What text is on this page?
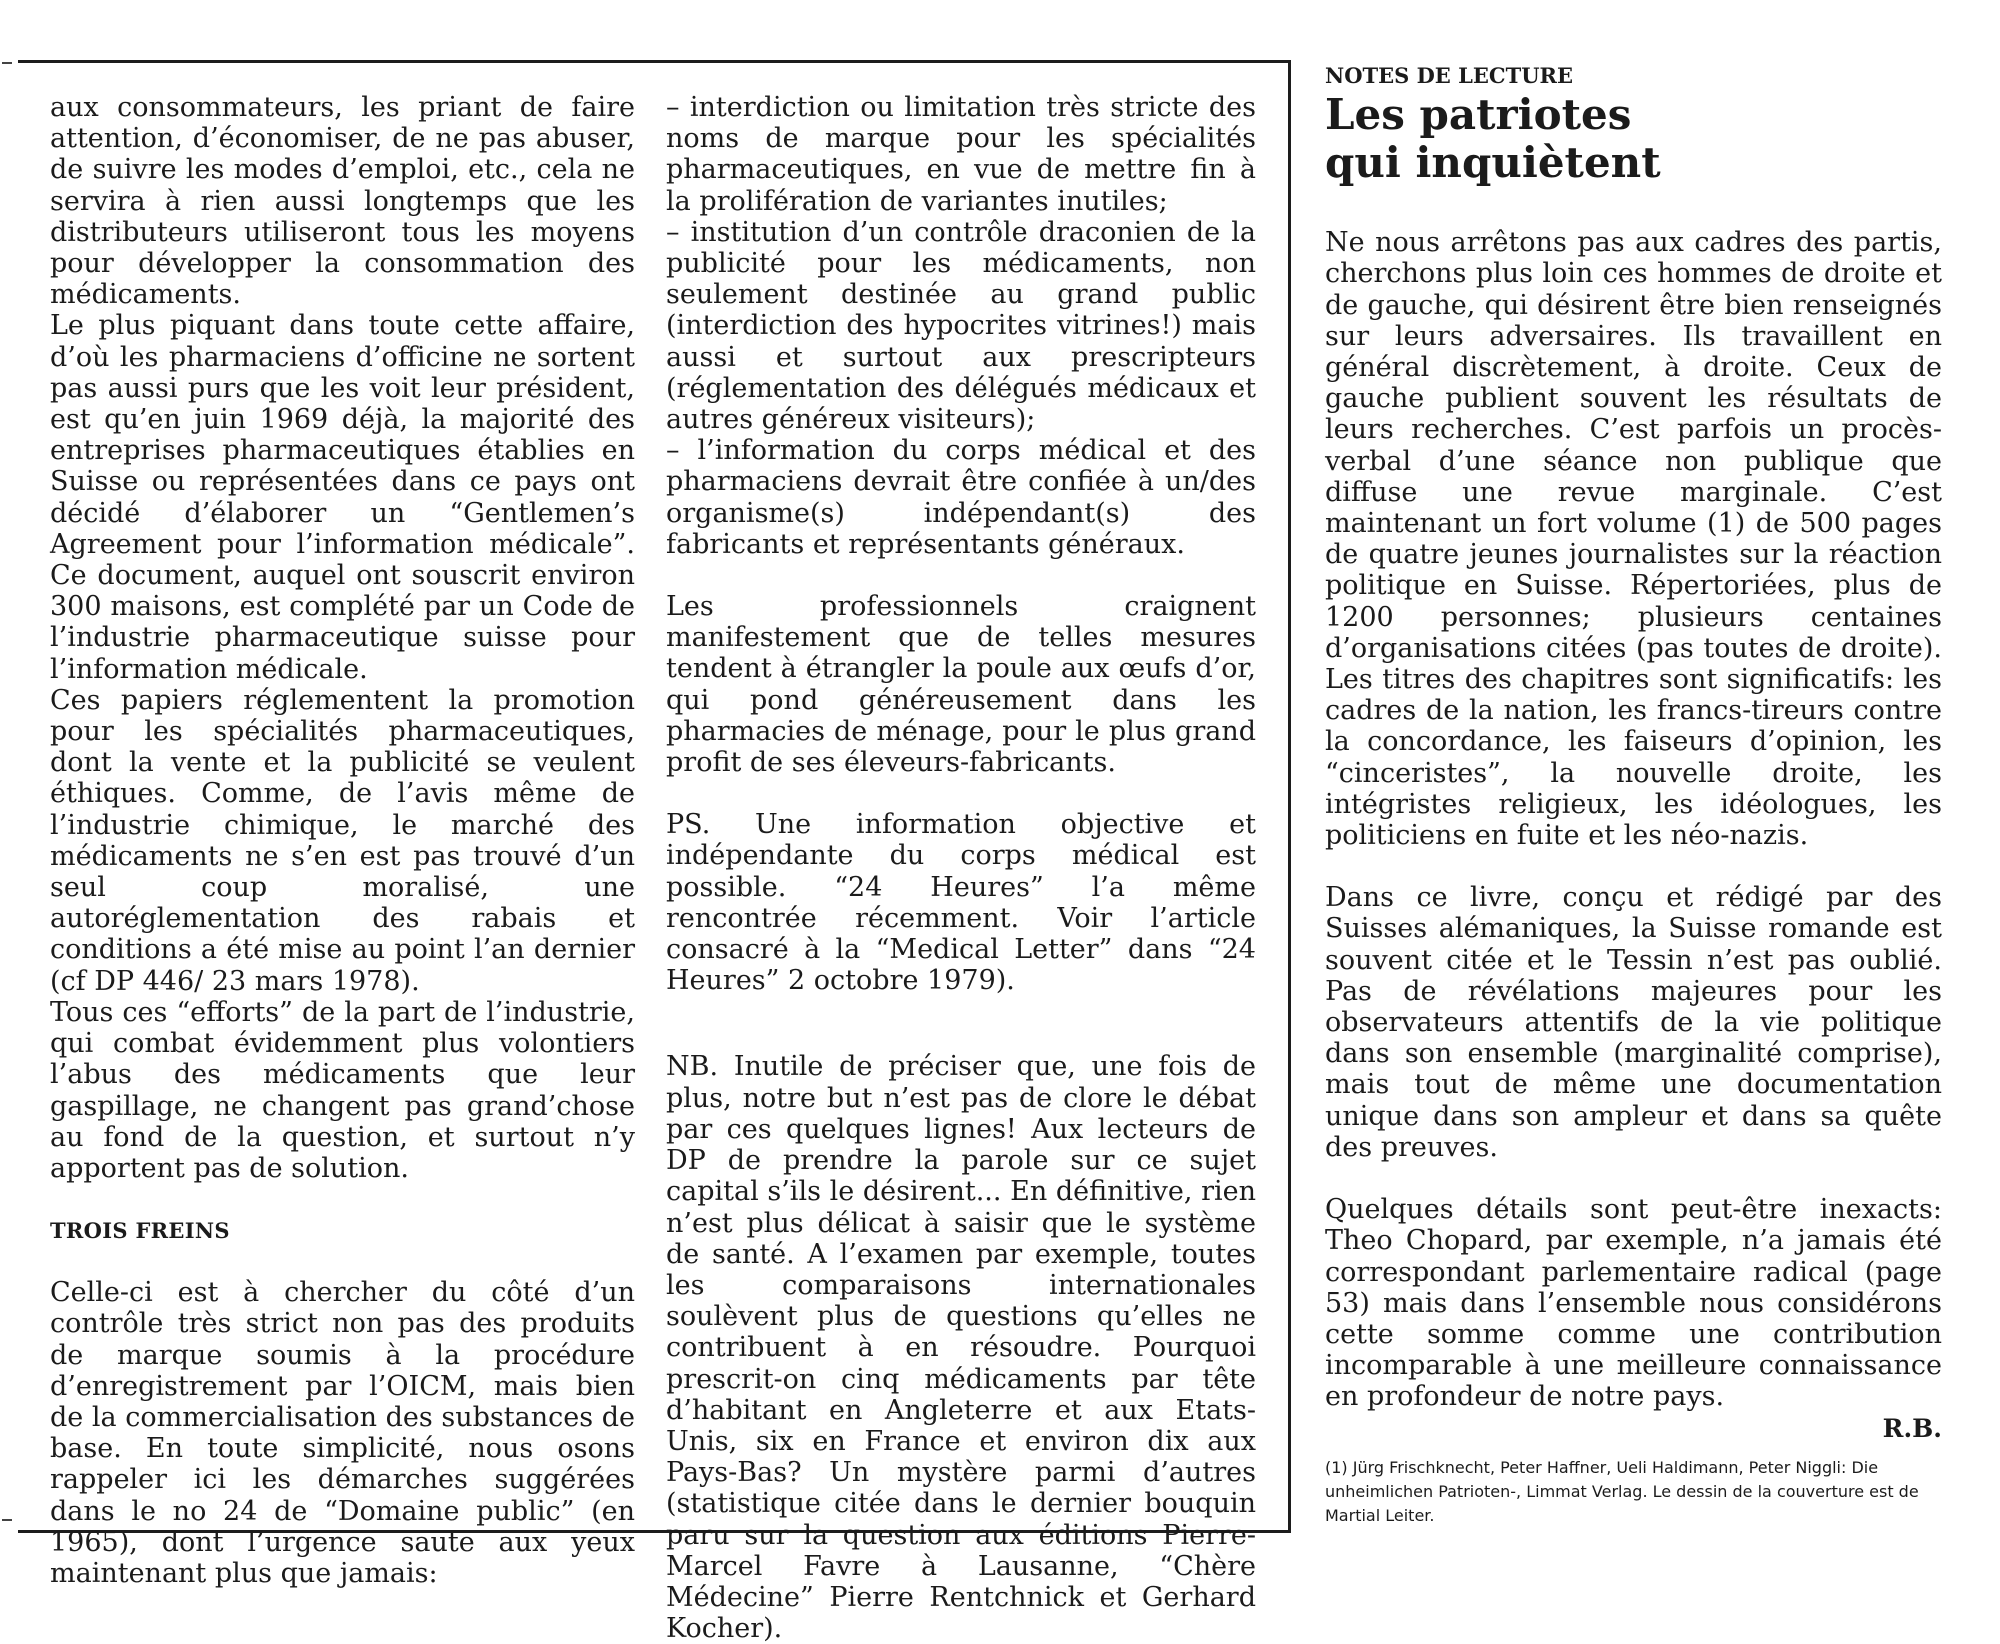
aux consommateurs, les priant de faire attention, d’économiser, de ne pas abuser, de suivre les modes d’emploi, etc., cela ne servira à rien aussi longtemps que les distributeurs utiliseront tous les moyens pour développer la consommation des médicaments.

Le plus piquant dans toute cette affaire, d’où les pharmaciens d’officine ne sortent pas aussi purs que les voit leur président, est qu’en juin 1969 déjà, la majorité des entreprises pharmaceutiques établies en Suisse ou représentées dans ce pays ont décidé d’élaborer un “Gentlemen’s Agreement pour l’information médicale”. Ce document, auquel ont souscrit environ 300 maisons, est complété par un Code de l’industrie pharmaceutique suisse pour l’information médicale.

Ces papiers réglementent la promotion pour les spécialités pharmaceutiques, dont la vente et la publicité se veulent éthiques. Comme, de l’avis même de l’industrie chimique, le marché des médicaments ne s’en est pas trouvé d’un seul coup moralisé, une autoréglementation des rabais et conditions a été mise au point l’an dernier (cf DP 446/ 23 mars 1978).

Tous ces “efforts” de la part de l’industrie, qui combat évidemment plus volontiers l’abus des médicaments que leur gaspillage, ne changent pas grand’chose au fond de la question, et surtout n’y apportent pas de solution.

TROIS FREINS

Celle-ci est à chercher du côté d’un contrôle très strict non pas des produits de marque soumis à la procédure d’enregistrement par l’OICM, mais bien de la commercialisation des substances de base. En toute simplicité, nous osons rappeler ici les démarches suggérées dans le no 24 de “Domaine public” (en 1965), dont l’urgence saute aux yeux maintenant plus que jamais:

– interdiction ou limitation très stricte des noms de marque pour les spécialités pharmaceutiques, en vue de mettre fin à la prolifération de variantes inutiles;

– institution d’un contrôle draconien de la publicité pour les médicaments, non seulement destinée au grand public (interdiction des hypocrites vitrines!) mais aussi et surtout aux prescripteurs (réglementation des délégués médicaux et autres généreux visiteurs);

– l’information du corps médical et des pharmaciens devrait être confiée à un/des organisme(s) indépendant(s) des fabricants et représentants généraux.

Les professionnels craignent manifestement que de telles mesures tendent à étrangler la poule aux œufs d’or, qui pond généreusement dans les pharmacies de ménage, pour le plus grand profit de ses éleveurs-fabricants.

PS. Une information objective et indépendante du corps médical est possible. “24 Heures” l’a même rencontrée récemment. Voir l’article consacré à la “Medical Letter” dans “24 Heures” 2 octobre 1979).

NB. Inutile de préciser que, une fois de plus, notre but n’est pas de clore le débat par ces quelques lignes! Aux lecteurs de DP de prendre la parole sur ce sujet capital s’ils le désirent... En définitive, rien n’est plus délicat à saisir que le système de santé. A l’examen par exemple, toutes les comparaisons internationales soulèvent plus de questions qu’elles ne contribuent à en résoudre. Pourquoi prescrit-on cinq médicaments par tête d’habitant en Angleterre et aux Etats-Unis, six en France et environ dix aux Pays-Bas? Un mystère parmi d’autres (statistique citée dans le dernier bouquin paru sur la question aux éditions Pierre-Marcel Favre à Lausanne, “Chère Médecine” Pierre Rentchnick et Gerhard Kocher).

NOTES DE LECTURE

Les patriotes
qui inquiètent

Ne nous arrêtons pas aux cadres des partis, cherchons plus loin ces hommes de droite et de gauche, qui désirent être bien renseignés sur leurs adversaires. Ils travaillent en général discrètement, à droite. Ceux de gauche publient souvent les résultats de leurs recherches. C’est parfois un procès-verbal d’une séance non publique que diffuse une revue marginale. C’est maintenant un fort volume (1) de 500 pages de quatre jeunes journalistes sur la réaction politique en Suisse. Répertoriées, plus de 1200 personnes; plusieurs centaines d’organisations citées (pas toutes de droite). Les titres des chapitres sont significatifs: les cadres de la nation, les francs-tireurs contre la concordance, les faiseurs d’opinion, les “cinceristes”, la nouvelle droite, les intégristes religieux, les idéologues, les politiciens en fuite et les néo-nazis.

Dans ce livre, conçu et rédigé par des Suisses alémaniques, la Suisse romande est souvent citée et le Tessin n’est pas oublié. Pas de révélations majeures pour les observateurs attentifs de la vie politique dans son ensemble (marginalité comprise), mais tout de même une documentation unique dans son ampleur et dans sa quête des preuves.

Quelques détails sont peut-être inexacts: Theo Chopard, par exemple, n’a jamais été correspondant parlementaire radical (page 53) mais dans l’ensemble nous considérons cette somme comme une contribution incomparable à une meilleure connaissance en profondeur de notre pays.

R.B.

(1) Jürg Frischknecht, Peter Haffner, Ueli Haldimann, Peter Niggli: Die unheimlichen Patrioten-, Limmat Verlag. Le dessin de la couverture est de Martial Leiter.
